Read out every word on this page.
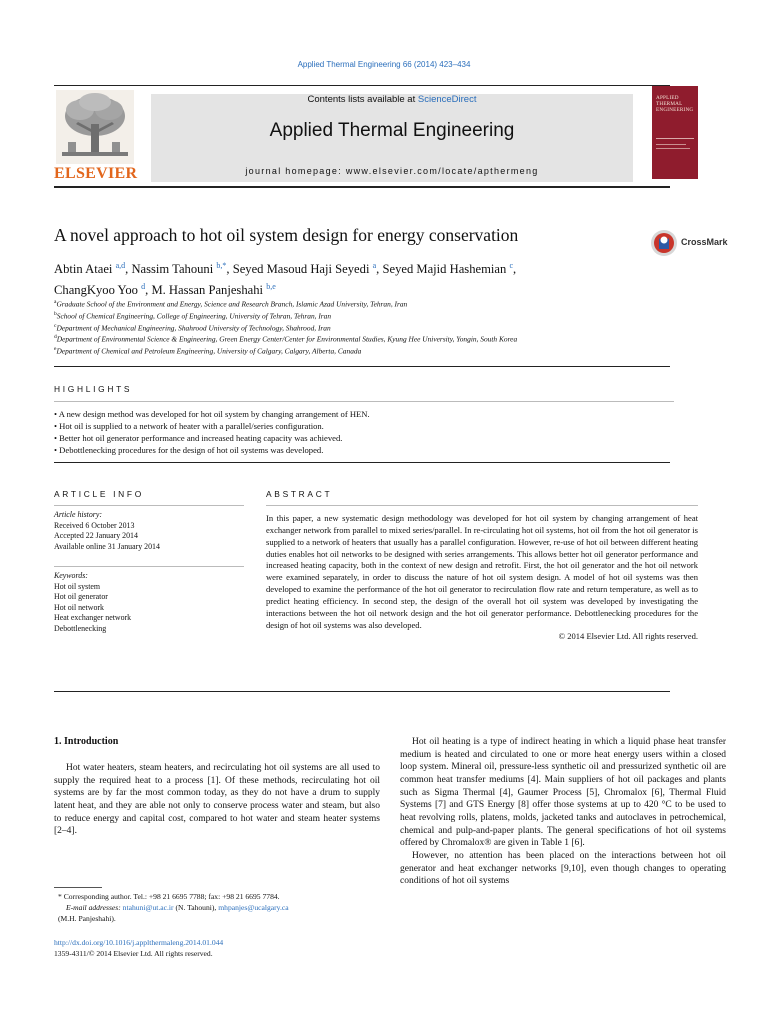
Applied Thermal Engineering 66 (2014) 423–434
Contents lists available at ScienceDirect
Applied Thermal Engineering
journal homepage: www.elsevier.com/locate/apthermeng
ELSEVIER
APPLIED THERMAL ENGINEERING
A novel approach to hot oil system design for energy conservation	CrossMark
Abtin Ataei $^{a,d}$, Nassim Tahouni $^{b,*}$, Seyed Masoud Haji Seyedi $^a$, Seyed Majid Hashemian $^c$,
ChangKyoo Yoo $^d$, M. Hassan Panjeshahi $^{b,e}$
$^a$Graduate School of the Environment and Energy, Science and Research Branch, Islamic Azad University, Tehran, Iran
$^b$School of Chemical Engineering, College of Engineering, University of Tehran, Tehran, Iran
$^c$Department of Mechanical Engineering, Shahrood University of Technology, Shahrood, Iran
$^d$Department of Environmental Science & Engineering, Green Energy Center/Center for Environmental Studies, Kyung Hee University, Yongin, South Korea
$^e$Department of Chemical and Petroleum Engineering, University of Calgary, Calgary, Alberta, Canada
HIGHLIGHTS
• A new design method was developed for hot oil system by changing arrangement of HEN.
• Hot oil is supplied to a network of heater with a parallel/series configuration.
• Better hot oil generator performance and increased heating capacity was achieved.
• Debottlenecking procedures for the design of hot oil systems was developed.
ARTICLE INFO
Article history:
Received 6 October 2013
Accepted 22 January 2014
Available online 31 January 2014
Keywords:
Hot oil system
Hot oil generator
Hot oil network
Heat exchanger network
Debottlenecking
ABSTRACT
In this paper, a new systematic design methodology was developed for hot oil system by changing arrangement of heat exchanger network from parallel to mixed series/parallel. In re-circulating hot oil systems, hot oil from the hot oil generator is supplied to a network of heaters that usually has a parallel configuration. However, re-use of hot oil between different heating duties enables hot oil networks to be designed with series arrangements. This allows better hot oil generator performance and increased heating capacity, both in the context of new design and retrofit. First, the hot oil generator and the hot oil network were examined separately, in order to discuss the nature of hot oil system design. A model of hot oil systems was then developed to examine the performance of the hot oil generator to recirculation flow rate and return temperature, as well as to predict heating efficiency. In second step, the design of the overall hot oil system was developed by investigating the interactions between the hot oil network design and the hot oil generator performance. Debottlenecking procedures for the design of hot oil systems was also developed.
© 2014 Elsevier Ltd. All rights reserved.
1. Introduction

Hot water heaters, steam heaters, and recirculating hot oil systems are all used to supply the required heat to a process [1]. Of these methods, recirculating hot oil systems are by far the most common today, as they do not have a drum to supply latent heat, and they are able not only to conserve process water and steam, but also to reduce energy and capital cost, compared to hot water and steam heater systems [2–4].

Hot oil heating is a type of indirect heating in which a liquid phase heat transfer medium is heated and circulated to one or more heat energy users within a closed loop system. Mineral oil, pressure-less synthetic oil and pressurized synthetic oil are common heat transfer mediums [4]. Main suppliers of hot oil packages and plants such as Sigma Thermal [4], Gaumer Process [5], Chromalox [6], Thermal Fluid Systems [7] and GTS Energy [8] offer those systems at up to 420 °C to be used to heat revolving rolls, platens, molds, jacketed tanks and autoclaves in petrochemical, chemical and pulp-and-paper plants. The general specifications of hot oil systems offered by Chromalox® are given in Table 1 [6].

However, no attention has been placed on the interactions between hot oil generator and heat exchanger networks [9,10], even though changes to operating conditions of hot oil systems

* Corresponding author. Tel.: +98 21 6695 7788; fax: +98 21 6695 7784.
E-mail addresses: ntahuni@ut.ac.ir (N. Tahouni), mhpanjes@ucalgary.ca
(M.H. Panjeshahi).
http://dx.doi.org/10.1016/j.applthermaleng.2014.01.044
1359-4311/© 2014 Elsevier Ltd. All rights reserved.
